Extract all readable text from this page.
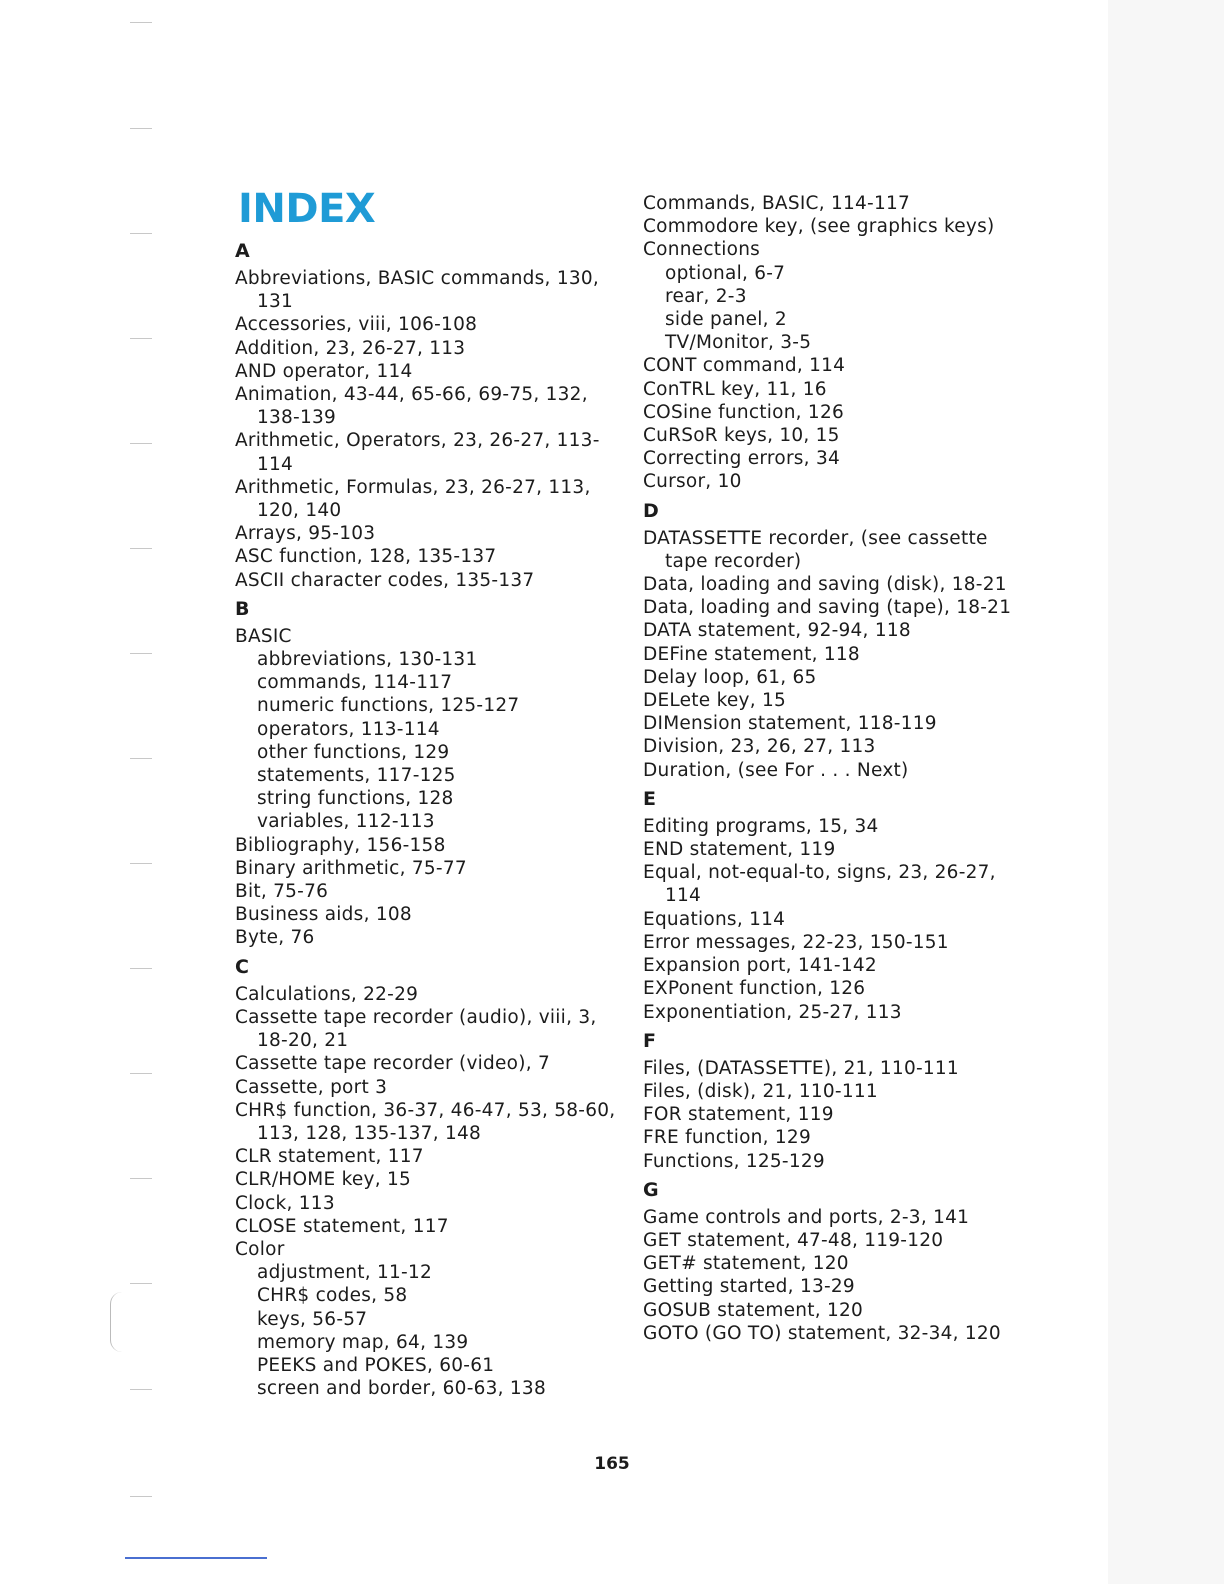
INDEX
A
Abbreviations, BASIC commands, 130, 131
Accessories, viii, 106-108
Addition, 23, 26-27, 113
AND operator, 114
Animation, 43-44, 65-66, 69-75, 132, 138-139
Arithmetic, Operators, 23, 26-27, 113-114
Arithmetic, Formulas, 23, 26-27, 113, 120, 140
Arrays, 95-103
ASC function, 128, 135-137
ASCII character codes, 135-137
B
BASIC
abbreviations, 130-131
commands, 114-117
numeric functions, 125-127
operators, 113-114
other functions, 129
statements, 117-125
string functions, 128
variables, 112-113
Bibliography, 156-158
Binary arithmetic, 75-77
Bit, 75-76
Business aids, 108
Byte, 76
C
Calculations, 22-29
Cassette tape recorder (audio), viii, 3, 18-20, 21
Cassette tape recorder (video), 7
Cassette, port 3
CHR$ function, 36-37, 46-47, 53, 58-60, 113, 128, 135-137, 148
CLR statement, 117
CLR/HOME key, 15
Clock, 113
CLOSE statement, 117
Color
adjustment, 11-12
CHR$ codes, 58
keys, 56-57
memory map, 64, 139
PEEKS and POKES, 60-61
screen and border, 60-63, 138
Commands, BASIC, 114-117
Commodore key, (see graphics keys)
Connections
optional, 6-7
rear, 2-3
side panel, 2
TV/Monitor, 3-5
CONT command, 114
ConTRL key, 11, 16
COSine function, 126
CuRSoR keys, 10, 15
Correcting errors, 34
Cursor, 10
D
DATASSETTE recorder, (see cassette tape recorder)
Data, loading and saving (disk), 18-21
Data, loading and saving (tape), 18-21
DATA statement, 92-94, 118
DEFine statement, 118
Delay loop, 61, 65
DELete key, 15
DIMension statement, 118-119
Division, 23, 26, 27, 113
Duration, (see For . . . Next)
E
Editing programs, 15, 34
END statement, 119
Equal, not-equal-to, signs, 23, 26-27, 114
Equations, 114
Error messages, 22-23, 150-151
Expansion port, 141-142
EXPonent function, 126
Exponentiation, 25-27, 113
F
Files, (DATASSETTE), 21, 110-111
Files, (disk), 21, 110-111
FOR statement, 119
FRE function, 129
Functions, 125-129
G
Game controls and ports, 2-3, 141
GET statement, 47-48, 119-120
GET# statement, 120
Getting started, 13-29
GOSUB statement, 120
GOTO (GO TO) statement, 32-34, 120
165
